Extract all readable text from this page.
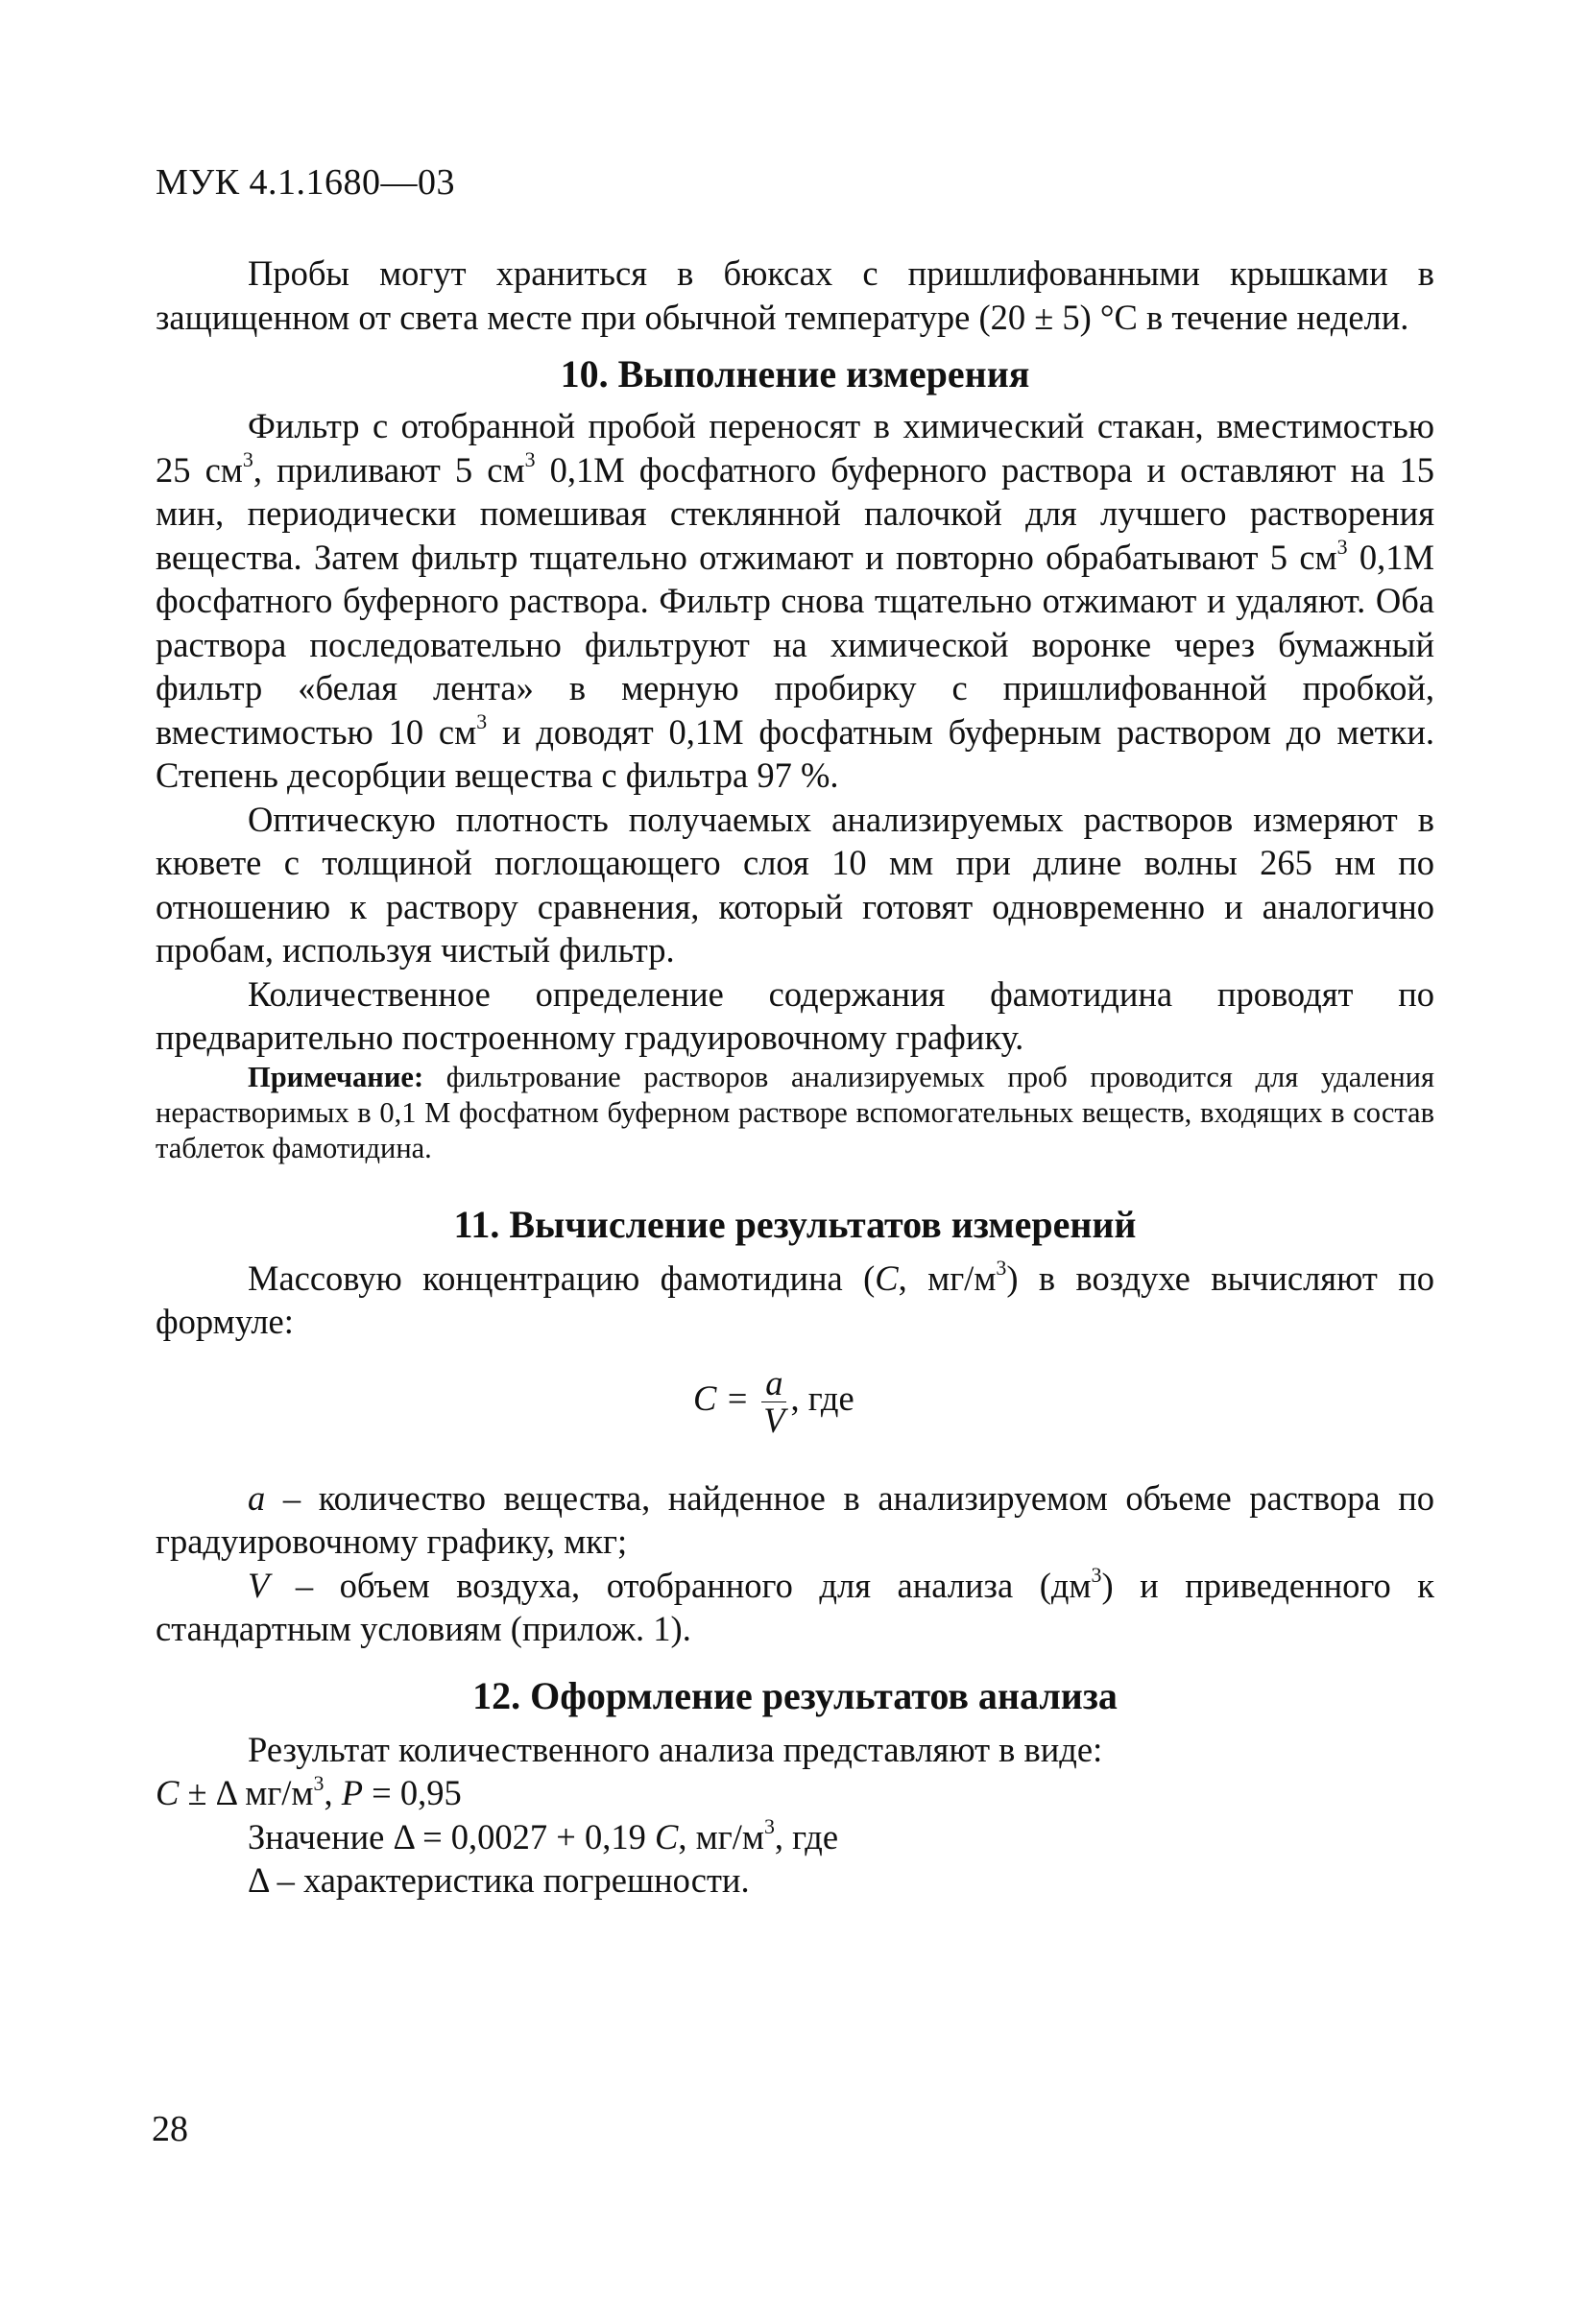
МУК 4.1.1680—03

Пробы могут храниться в бюксах с пришлифованными крышками в защищенном от света месте при обычной температуре (20 ± 5) °С в течение недели.

10. Выполнение измерения

Фильтр с отобранной пробой переносят в химический стакан, вместимостью 25 $см^3$, приливают 5 $см^3$ 0,1М фосфатного буферного раствора и оставляют на 15 мин, периодически помешивая стеклянной палочкой для лучшего растворения вещества. Затем фильтр тщательно отжимают и повторно обрабатывают 5 $см^3$ 0,1М фосфатного буферного раствора. Фильтр снова тщательно отжимают и удаляют. Оба раствора последовательно фильтруют на химической воронке через бумажный фильтр «белая лента» в мерную пробирку с пришлифованной пробкой, вместимостью 10 $см^3$ и доводят 0,1М фосфатным буферным раствором до метки. Степень десорбции вещества с фильтра 97 %.

Оптическую плотность получаемых анализируемых растворов измеряют в кювете с толщиной поглощающего слоя 10 мм при длине волны 265 нм по отношению к раствору сравнения, который готовят одновременно и аналогично пробам, используя чистый фильтр.

Количественное определение содержания фамотидина проводят по предварительно построенному градуировочному графику.

Примечание: фильтрование растворов анализируемых проб проводится для удаления нерастворимых в 0,1 М фосфатном буферном растворе вспомогательных веществ, входящих в состав таблеток фамотидина.

11. Вычисление результатов измерений

Массовую концентрацию фамотидина (С, $мг/м^3$) в воздухе вычисляют по формуле:

$С = \frac{a}{V}$ , где

a – количество вещества, найденное в анализируемом объеме раствора по градуировочному графику, мкг;

V – объем воздуха, отобранного для анализа $(дм^3)$ и приведенного к стандартным условиям (прилож. 1).

12. Оформление результатов анализа

Результат количественного анализа представляют в виде:

С ± Δ $мг/м^3$, Р = 0,95

Значение Δ = 0,0027 + 0,19 С, $мг/м^3$, где

Δ – характеристика погрешности.

28
